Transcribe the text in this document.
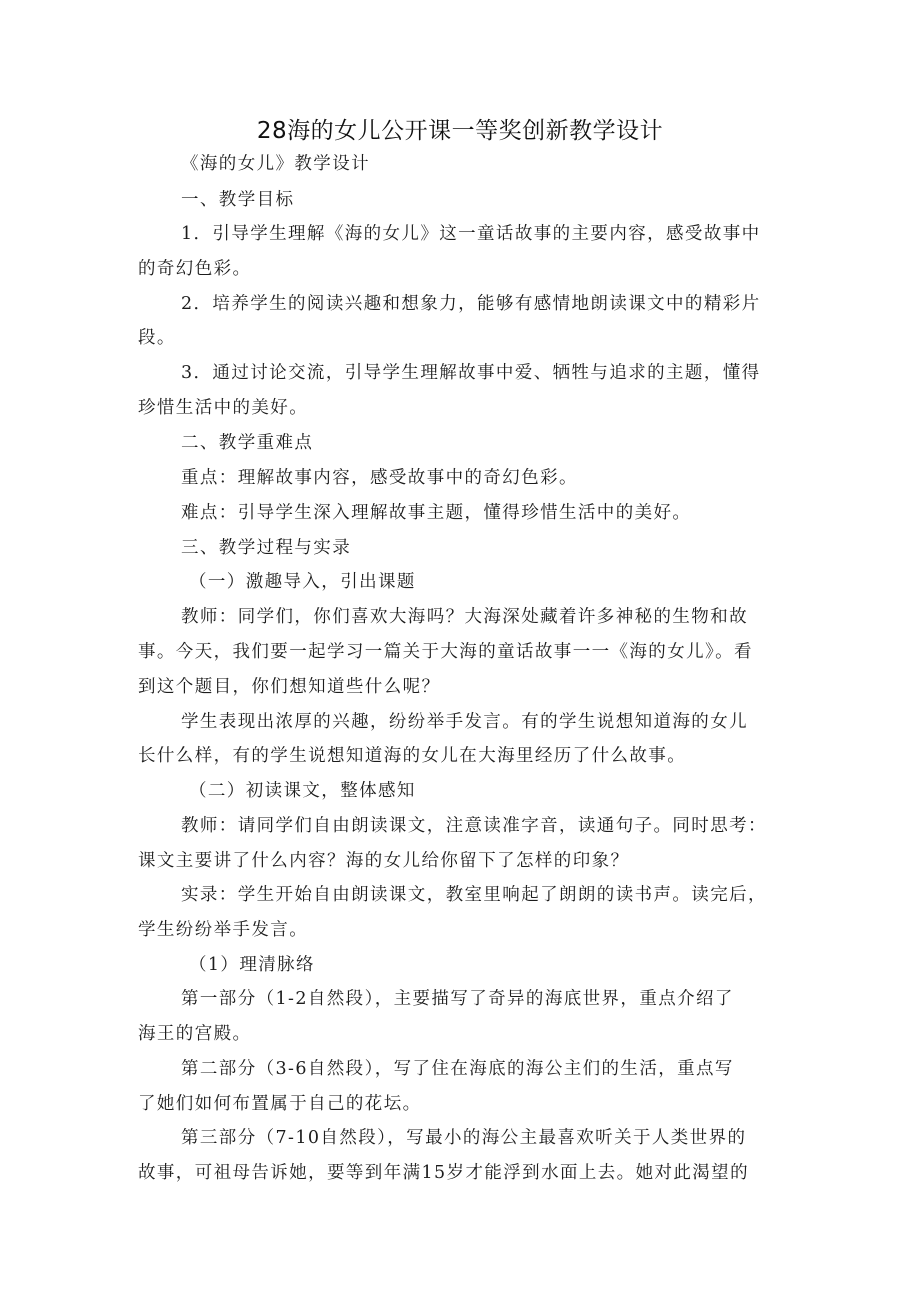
28海的女儿公开课一等奖创新教学设计
《海的女儿》教学设计
一、教学目标
1．引导学生理解《海的女儿》这一童话故事的主要内容，感受故事中
的奇幻色彩。
2．培养学生的阅读兴趣和想象力，能够有感情地朗读课文中的精彩片
段。
3．通过讨论交流，引导学生理解故事中爱、牺牲与追求的主题，懂得
珍惜生活中的美好。
二、教学重难点
重点：理解故事内容，感受故事中的奇幻色彩。
难点：引导学生深入理解故事主题，懂得珍惜生活中的美好。
三、教学过程与实录
（一）激趣导入，引出课题
教师：同学们，你们喜欢大海吗？大海深处藏着许多神秘的生物和故
事。今天，我们要一起学习一篇关于大海的童话故事一一《海的女儿》。看
到这个题目，你们想知道些什么呢？
学生表现出浓厚的兴趣，纷纷举手发言。有的学生说想知道海的女儿
长什么样，有的学生说想知道海的女儿在大海里经历了什么故事。
（二）初读课文，整体感知
教师：请同学们自由朗读课文，注意读准字音，读通句子。同时思考：
课文主要讲了什么内容？海的女儿给你留下了怎样的印象？
实录：学生开始自由朗读课文，教室里响起了朗朗的读书声。读完后，
学生纷纷举手发言。
（1）理清脉络
第一部分（1-2自然段），主要描写了奇异的海底世界，重点介绍了
海王的宫殿。
第二部分（3-6自然段），写了住在海底的海公主们的生活，重点写
了她们如何布置属于自己的花坛。
第三部分（7-10自然段），写最小的海公主最喜欢听关于人类世界的
故事，可祖母告诉她，要等到年满15岁才能浮到水面上去。她对此渴望的
